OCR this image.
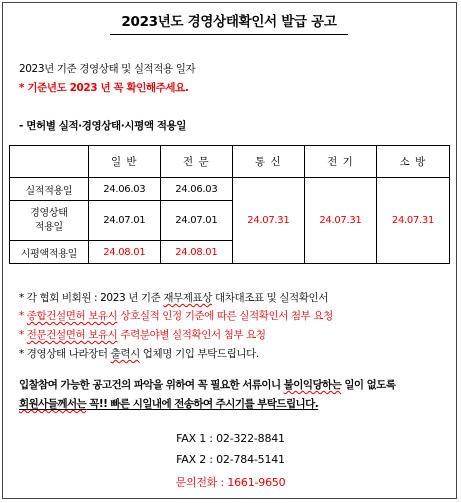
2023년도 경영상태확인서 발급 공고
2023년 기준 경영상태 및 실적적용 일자
* 기준년도 2023 년 꼭 확인해주세요.
- 면허별 실적·경영상태·시평액 적용일
	일 반	전 문	통 신	전 기	소 방
실적적용일	24.06.03	24.06.03	24.07.31	24.07.31	24.07.31
경영상태
적용일	24.07.01	24.07.01			
시평액적용일	24.08.01	24.08.01			
* 각 협회 비회원 : 2023 년 기준 재무제표상 대차대조표 및 실적확인서
* 종합건설면허 보유시 상호실적 인정 기준에 따른 실적확인서 첨부 요청
* 전문건설면허 보유시 주력분야별 실적확인서 첨부 요청
* 경영상태 나라장터 출력시 업체명 기입 부탁드립니다.
입찰참여 가능한 공고건의 파악을 위하여 꼭 필요한 서류이니 불이익당하는 일이 없도록
회원사들께서는 꼭!! 빠른 시일내에 전송하여 주시기를 부탁드립니다.
FAX 1 : 02-322-8841
FAX 2 : 02-784-5141
문의전화 : 1661-9650
